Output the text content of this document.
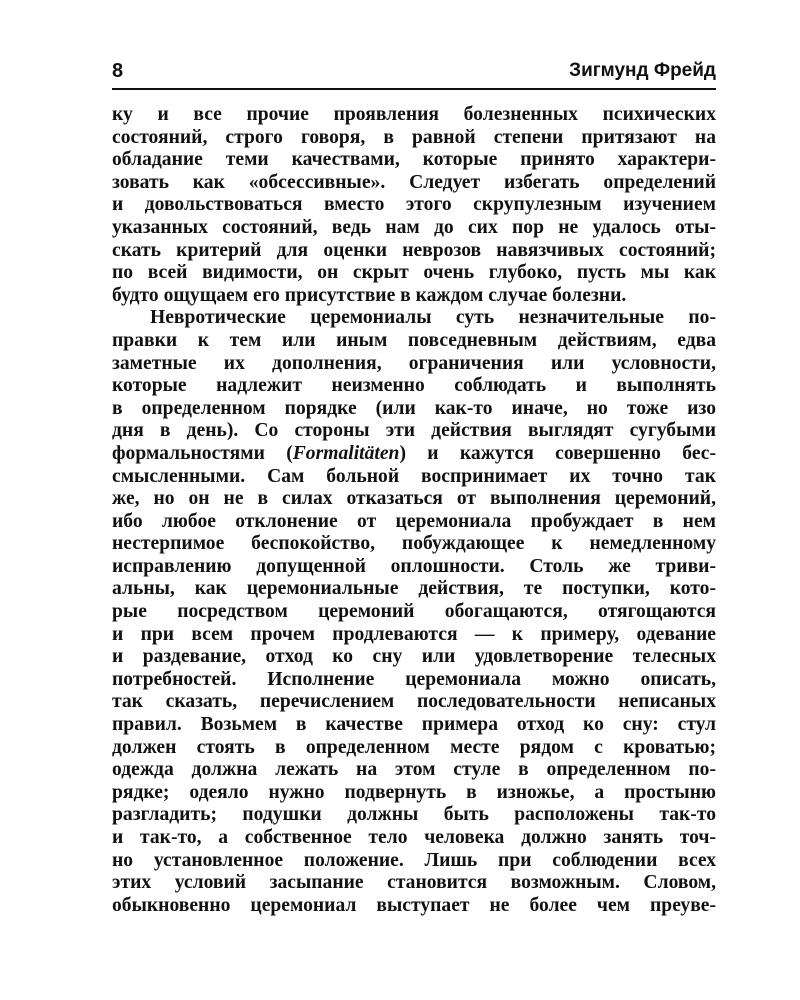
8	Зигмунд Фрейд
ку и все прочие проявления болезненных психических
состояний, строго говоря, в равной степени притязают на
обладание теми качествами, которые принято характери-
зовать как «обсессивные». Следует избегать определений
и довольствоваться вместо этого скрупулезным изучением
указанных состояний, ведь нам до сих пор не удалось оты-
скать критерий для оценки неврозов навязчивых состояний;
по всей видимости, он скрыт очень глубоко, пусть мы как
будто ощущаем его присутствие в каждом случае болезни.
Невротические церемониалы суть незначительные по-
правки к тем или иным повседневным действиям, едва
заметные их дополнения, ограничения или условности,
которые надлежит неизменно соблюдать и выполнять
в определенном порядке (или как-то иначе, но тоже изо
дня в день). Со стороны эти действия выглядят сугубыми
формальностями (Formalitäten) и кажутся совершенно бес-
смысленными. Сам больной воспринимает их точно так
же, но он не в силах отказаться от выполнения церемоний,
ибо любое отклонение от церемониала пробуждает в нем
нестерпимое беспокойство, побуждающее к немедленному
исправлению допущенной оплошности. Столь же триви-
альны, как церемониальные действия, те поступки, кото-
рые посредством церемоний обогащаются, отягощаются
и при всем прочем продлеваются — к примеру, одевание
и раздевание, отход ко сну или удовлетворение телесных
потребностей. Исполнение церемониала можно описать,
так сказать, перечислением последовательности неписаных
правил. Возьмем в качестве примера отход ко сну: стул
должен стоять в определенном месте рядом с кроватью;
одежда должна лежать на этом стуле в определенном по-
рядке; одеяло нужно подвернуть в изножье, а простыню
разгладить; подушки должны быть расположены так-то
и так-то, а собственное тело человека должно занять точ-
но установленное положение. Лишь при соблюдении всех
этих условий засыпание становится возможным. Словом,
обыкновенно церемониал выступает не более чем преуве-
